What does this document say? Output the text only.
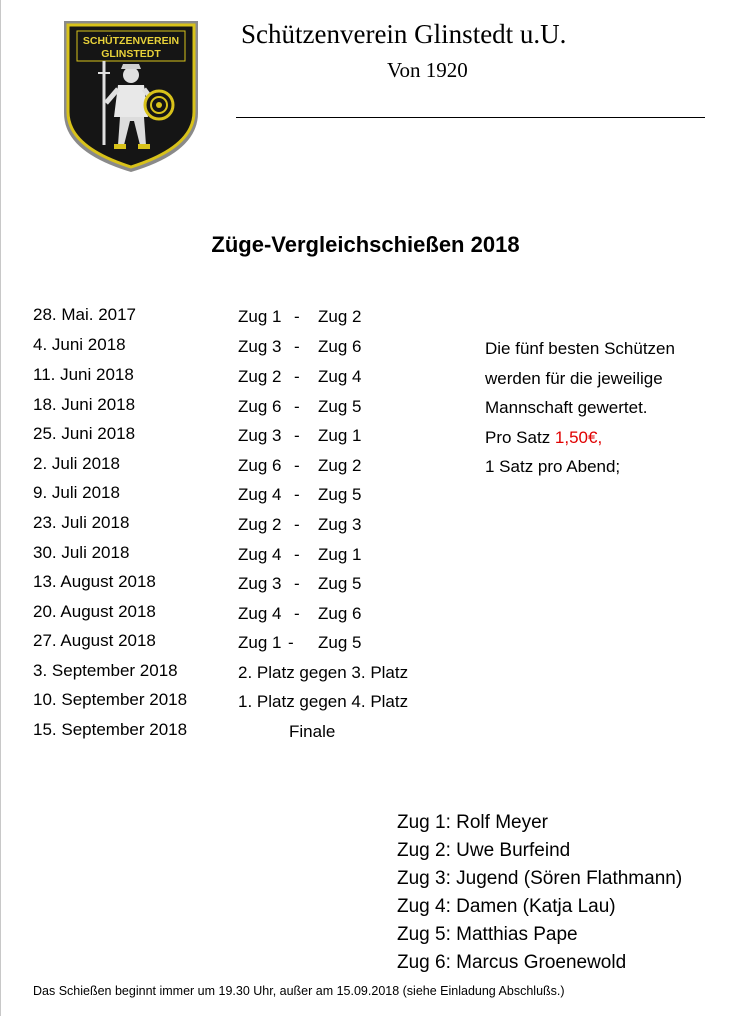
SCHÜTZENVEREIN
GLINSTEDT
Schützenverein Glinstedt u.U.
Von 1920
Züge-Vergleichschießen 2018
28. Mai. 2017	Zug 1 - Zug 2
4. Juni 2018	Zug 3 - Zug 6
11. Juni 2018	Zug 2 - Zug 4
18. Juni 2018	Zug 6 - Zug 5
25. Juni 2018	Zug 3 - Zug 1
2. Juli 2018	Zug 6 - Zug 2
9. Juli 2018	Zug 4 - Zug 5
23. Juli 2018	Zug 2 - Zug 3
30. Juli 2018	Zug 4 - Zug 1
13. August 2018	Zug 3 - Zug 5
20. August 2018	Zug 4 - Zug 6
27. August 2018	Zug 1 - Zug 5
3. September 2018	2. Platz gegen 3. Platz
10. September 2018	1. Platz gegen 4. Platz
15. September 2018	Finale
Die fünf besten Schützen
werden für die jeweilige
Mannschaft gewertet.
Pro Satz 1,50€,
1 Satz pro Abend;
Zug 1: Rolf Meyer
Zug 2: Uwe Burfeind
Zug 3: Jugend (Sören Flathmann)
Zug 4: Damen (Katja Lau)
Zug 5: Matthias Pape
Zug 6: Marcus Groenewold
Das Schießen beginnt immer um 19.30 Uhr, außer am 15.09.2018 (siehe Einladung Abschlußs.)
